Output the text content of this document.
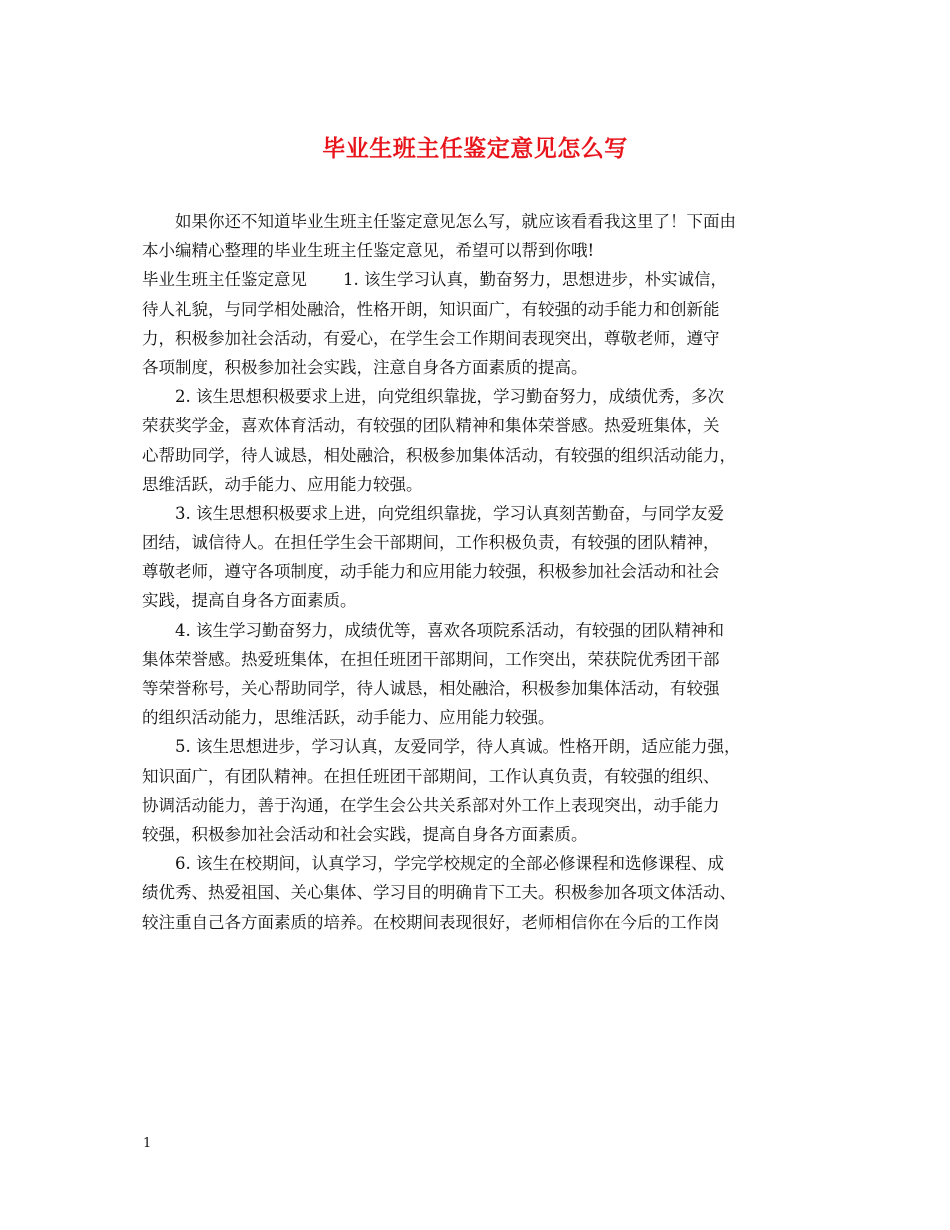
毕业生班主任鉴定意见怎么写
如果你还不知道毕业生班主任鉴定意见怎么写，就应该看看我这里了！下面由
本小编精心整理的毕业生班主任鉴定意见，希望可以帮到你哦!
毕业生班主任鉴定意见 1. 该生学习认真，勤奋努力，思想进步，朴实诚信，
待人礼貌，与同学相处融洽，性格开朗，知识面广，有较强的动手能力和创新能
力，积极参加社会活动，有爱心，在学生会工作期间表现突出，尊敬老师，遵守
各项制度，积极参加社会实践，注意自身各方面素质的提高。
2. 该生思想积极要求上进，向党组织靠拢，学习勤奋努力，成绩优秀，多次
荣获奖学金，喜欢体育活动，有较强的团队精神和集体荣誉感。热爱班集体，关
心帮助同学，待人诚恳，相处融洽，积极参加集体活动，有较强的组织活动能力，
思维活跃，动手能力、应用能力较强。
3. 该生思想积极要求上进，向党组织靠拢，学习认真刻苦勤奋，与同学友爱
团结，诚信待人。在担任学生会干部期间，工作积极负责，有较强的团队精神，
尊敬老师，遵守各项制度，动手能力和应用能力较强，积极参加社会活动和社会
实践，提高自身各方面素质。
4. 该生学习勤奋努力，成绩优等，喜欢各项院系活动，有较强的团队精神和
集体荣誉感。热爱班集体，在担任班团干部期间，工作突出，荣获院优秀团干部
等荣誉称号，关心帮助同学，待人诚恳，相处融洽，积极参加集体活动，有较强
的组织活动能力，思维活跃，动手能力、应用能力较强。
5. 该生思想进步，学习认真，友爱同学，待人真诚。性格开朗，适应能力强，
知识面广，有团队精神。在担任班团干部期间，工作认真负责，有较强的组织、
协调活动能力，善于沟通，在学生会公共关系部对外工作上表现突出，动手能力
较强，积极参加社会活动和社会实践，提高自身各方面素质。
6. 该生在校期间，认真学习，学完学校规定的全部必修课程和选修课程、成
绩优秀、热爱祖国、关心集体、学习目的明确肯下工夫。积极参加各项文体活动、
较注重自己各方面素质的培养。在校期间表现很好，老师相信你在今后的工作岗
1
